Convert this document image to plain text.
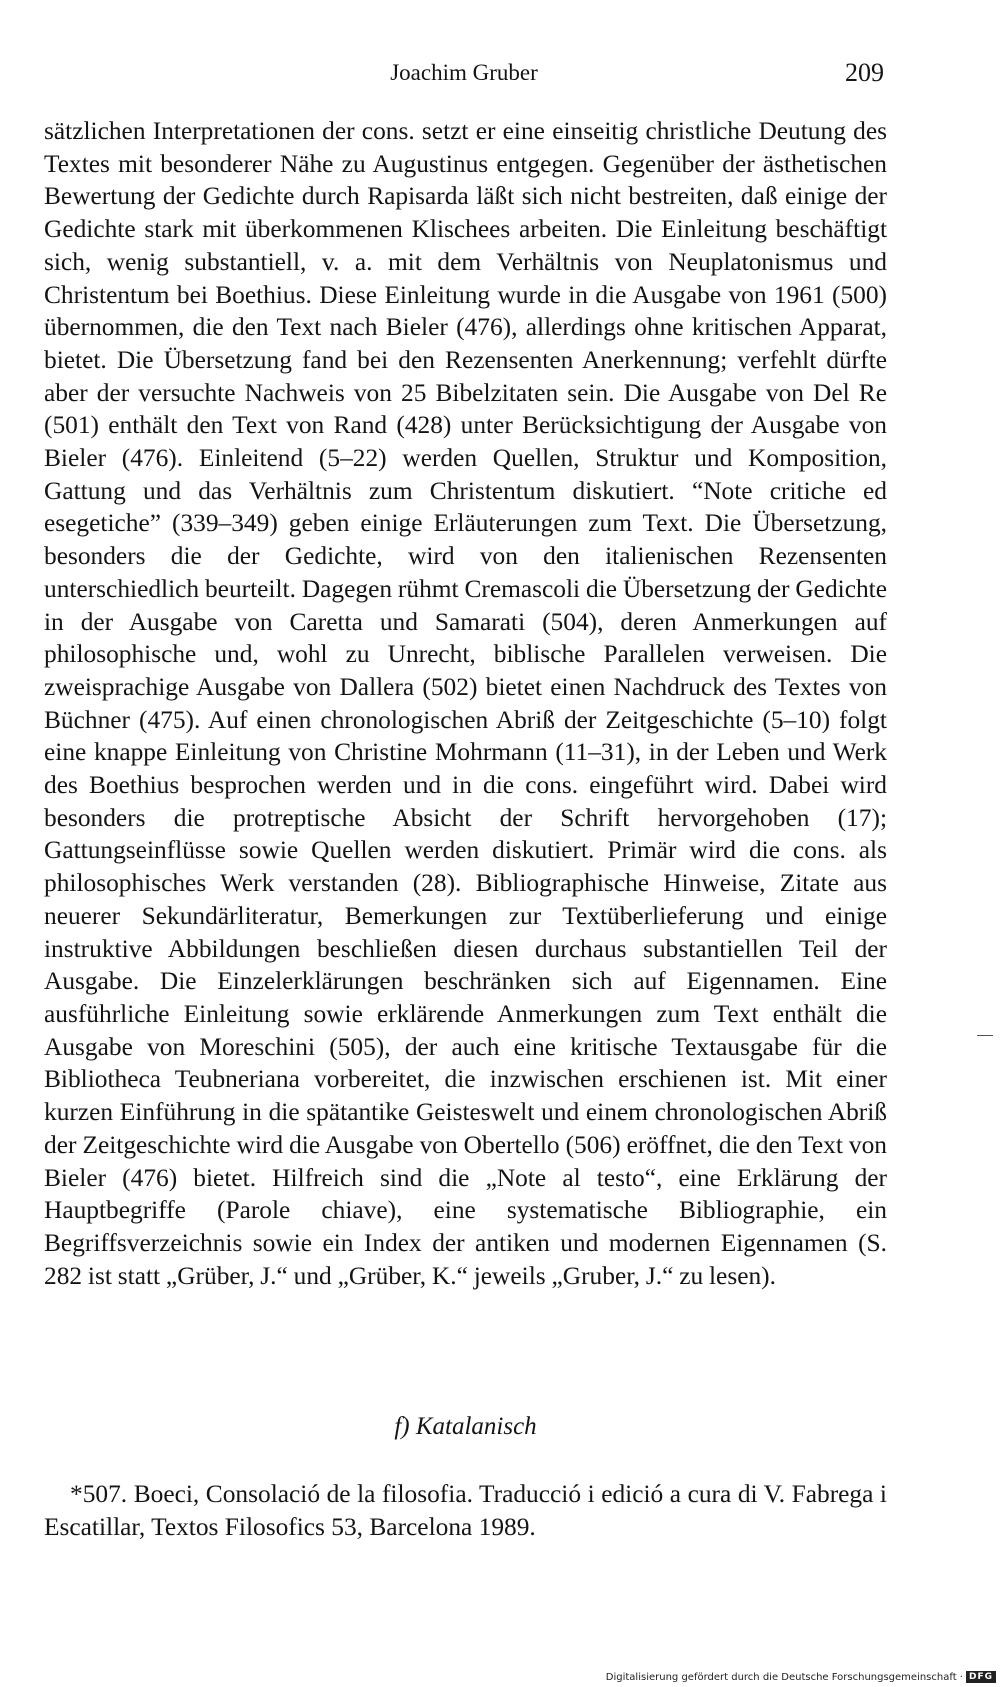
Joachim Gruber	209

sätzlichen Interpretationen der cons. setzt er eine einseitig christliche Deutung des Textes mit besonderer Nähe zu Augustinus entgegen. Gegenüber der ästhetischen Bewertung der Gedichte durch Rapisarda läßt sich nicht bestreiten, daß einige der Gedichte stark mit überkommenen Klischees arbeiten. Die Einleitung beschäftigt sich, wenig substantiell, v. a. mit dem Verhältnis von Neuplatonismus und Christentum bei Boethius. Diese Einleitung wurde in die Ausgabe von 1961 (500) übernommen, die den Text nach Bieler (476), allerdings ohne kritischen Apparat, bietet. Die Übersetzung fand bei den Rezensenten Anerkennung; verfehlt dürfte aber der versuchte Nachweis von 25 Bibelzitaten sein. Die Ausgabe von Del Re (501) enthält den Text von Rand (428) unter Berücksichtigung der Ausgabe von Bieler (476). Einleitend (5–22) werden Quellen, Struktur und Komposition, Gattung und das Verhältnis zum Christentum diskutiert. “Note critiche ed esegetiche” (339–349) geben einige Erläuterungen zum Text. Die Übersetzung, besonders die der Gedichte, wird von den italienischen Rezensenten unterschiedlich beurteilt. Dagegen rühmt Cremascoli die Übersetzung der Gedichte in der Ausgabe von Caretta und Samarati (504), deren Anmerkungen auf philosophische und, wohl zu Unrecht, biblische Parallelen verweisen. Die zweisprachige Ausgabe von Dallera (502) bietet einen Nachdruck des Textes von Büchner (475). Auf einen chronologischen Abriß der Zeitgeschichte (5–10) folgt eine knappe Einleitung von Christine Mohrmann (11–31), in der Leben und Werk des Boethius besprochen werden und in die cons. eingeführt wird. Dabei wird besonders die protreptische Absicht der Schrift hervorgehoben (17); Gattungseinflüsse sowie Quellen werden diskutiert. Primär wird die cons. als philosophisches Werk verstanden (28). Bibliographische Hinweise, Zitate aus neuerer Sekundärliteratur, Bemerkungen zur Textüberlieferung und einige instruktive Abbildungen beschließen diesen durchaus substantiellen Teil der Ausgabe. Die Einzelerklärungen beschränken sich auf Eigennamen. Eine ausführliche Einleitung sowie erklärende Anmerkungen zum Text enthält die Ausgabe von Moreschini (505), der auch eine kritische Textausgabe für die Bibliotheca Teubneriana vorbereitet, die inzwischen erschienen ist. Mit einer kurzen Einführung in die spätantike Geisteswelt und einem chronologischen Abriß der Zeitgeschichte wird die Ausgabe von Obertello (506) eröffnet, die den Text von Bieler (476) bietet. Hilfreich sind die „Note al testo“, eine Erklärung der Hauptbegriffe (Parole chiave), eine systematische Bibliographie, ein Begriffsverzeichnis sowie ein Index der antiken und modernen Eigennamen (S. 282 ist statt „Grüber, J.“ und „Grüber, K.“ jeweils „Gruber, J.“ zu lesen).

f) Katalanisch
*507. Boeci, Consolació de la filosofia. Traducció i edició a cura di V. Fabrega i Escatillar, Textos Filosofics 53, Barcelona 1989.
Digitalisierung gefördert durch die Deutsche Forschungsgemeinschaft · DFG
